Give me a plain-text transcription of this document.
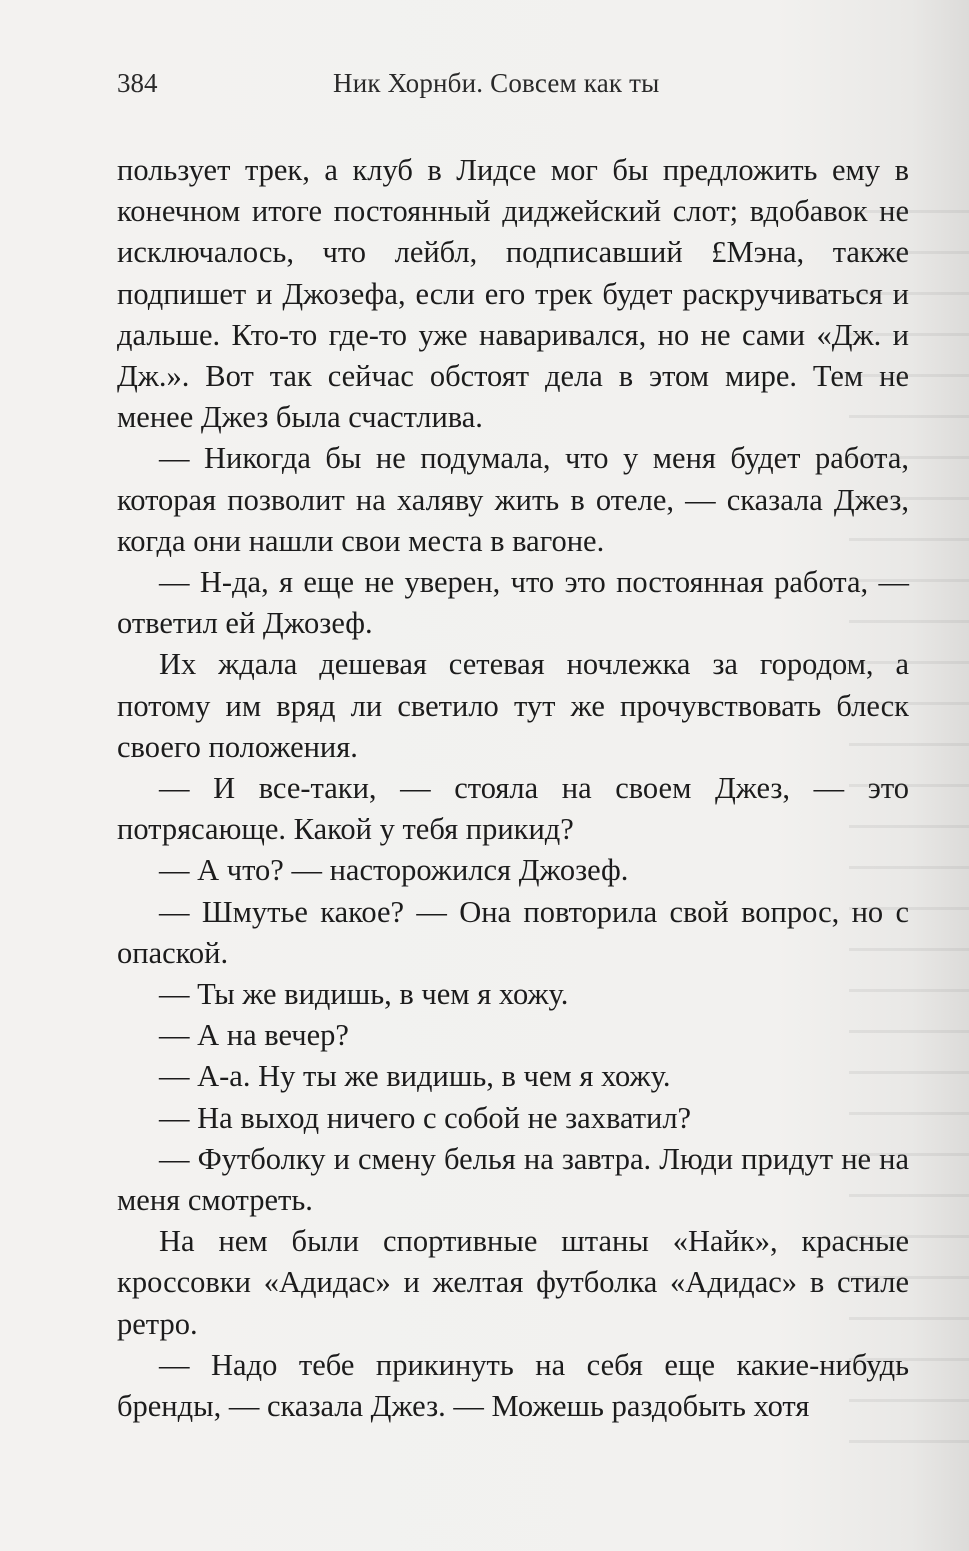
384	Ник Хорнби. Совсем как ты

пользует трек, а клуб в Лидсе мог бы предложить ему в конечном итоге постоянный диджейский слот; вдобавок не исключалось, что лейбл, подписавший £Мэна, также подпишет и Джозефа, если его трек будет раскручиваться и дальше. Кто-то где-то уже наваривался, но не сами «Дж. и Дж.». Вот так сейчас обстоят дела в этом мире. Тем не менее Джез была счастлива.

— Никогда бы не подумала, что у меня будет работа, которая позволит на халяву жить в отеле, — сказала Джез, когда они нашли свои места в вагоне.

— Н-да, я еще не уверен, что это постоянная работа, — ответил ей Джозеф.

Их ждала дешевая сетевая ночлежка за городом, а потому им вряд ли светило тут же прочувствовать блеск своего положения.

— И все-таки, — стояла на своем Джез, — это потрясающе. Какой у тебя прикид?

— А что? — насторожился Джозеф.

— Шмутье какое? — Она повторила свой вопрос, но с опаской.

— Ты же видишь, в чем я хожу.

— А на вечер?

— А-а. Ну ты же видишь, в чем я хожу.

— На выход ничего с собой не захватил?

— Футболку и смену белья на завтра. Люди придут не на меня смотреть.

На нем были спортивные штаны «Найк», красные кроссовки «Адидас» и желтая футболка «Адидас» в стиле ретро.

— Надо тебе прикинуть на себя еще какие-нибудь бренды, — сказала Джез. — Можешь раздобыть хотя
